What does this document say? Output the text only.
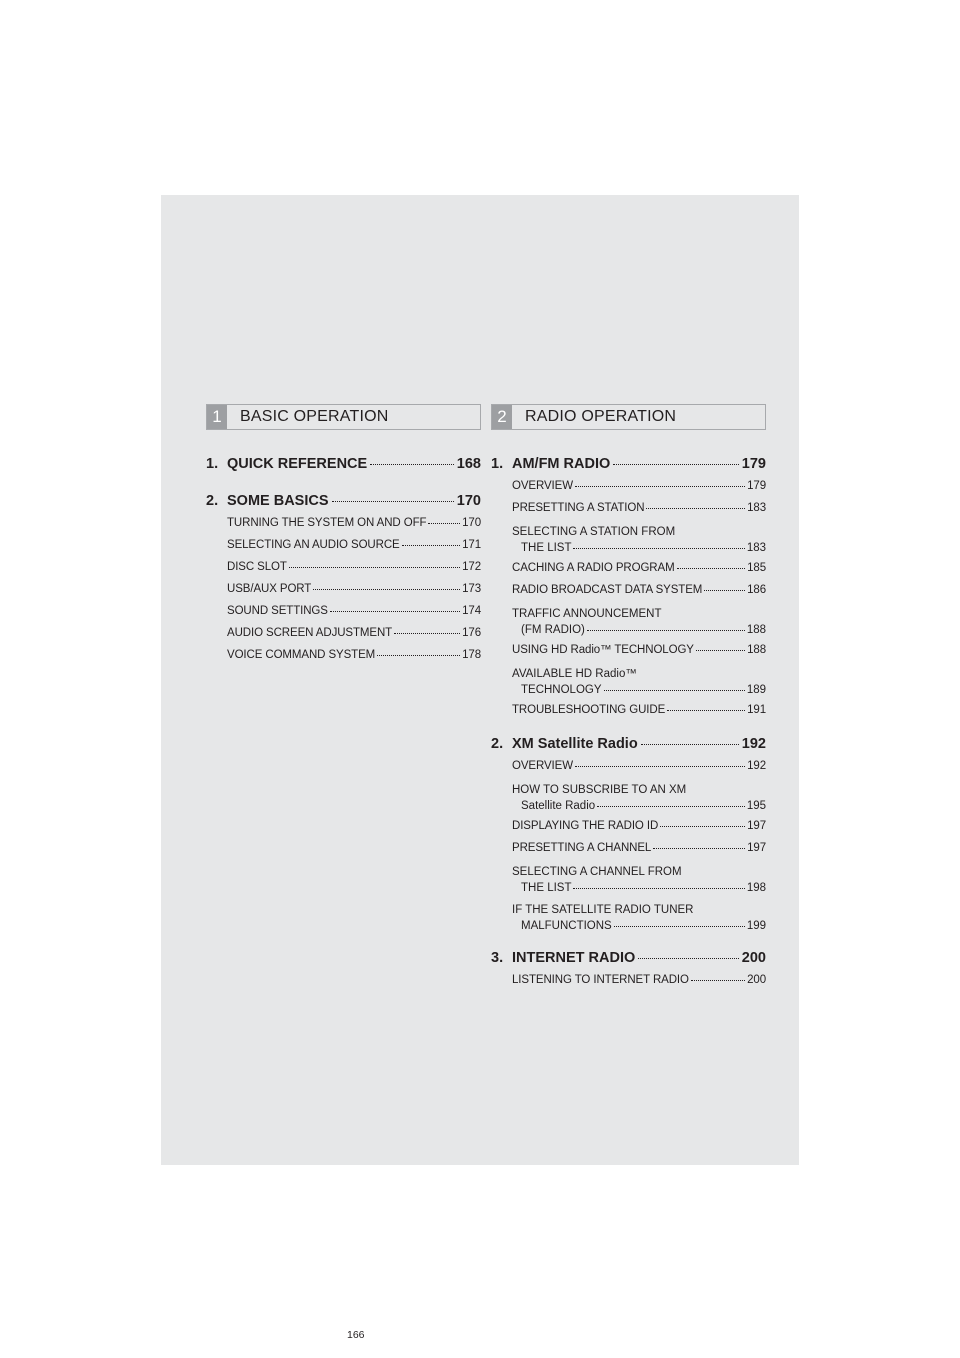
1	BASIC OPERATION
1. QUICK REFERENCE	168
2. SOME BASICS	170
TURNING THE SYSTEM ON AND OFF	170
SELECTING AN AUDIO SOURCE	171
DISC SLOT	172
USB/AUX PORT	173
SOUND SETTINGS	174
AUDIO SCREEN ADJUSTMENT	176
VOICE COMMAND SYSTEM	178
2	RADIO OPERATION
1. AM/FM RADIO	179
OVERVIEW	179
PRESETTING A STATION	183
SELECTING A STATION FROM
THE LIST	183
CACHING A RADIO PROGRAM	185
RADIO BROADCAST DATA SYSTEM	186
TRAFFIC ANNOUNCEMENT
(FM RADIO)	188
USING HD Radio™ TECHNOLOGY	188
AVAILABLE HD Radio™
TECHNOLOGY	189
TROUBLESHOOTING GUIDE	191
2. XM Satellite Radio	192
OVERVIEW	192
HOW TO SUBSCRIBE TO AN XM
Satellite Radio	195
DISPLAYING THE RADIO ID	197
PRESETTING A CHANNEL	197
SELECTING A CHANNEL FROM
THE LIST	198
IF THE SATELLITE RADIO TUNER
MALFUNCTIONS	199
3. INTERNET RADIO	200
LISTENING TO INTERNET RADIO	200
166
